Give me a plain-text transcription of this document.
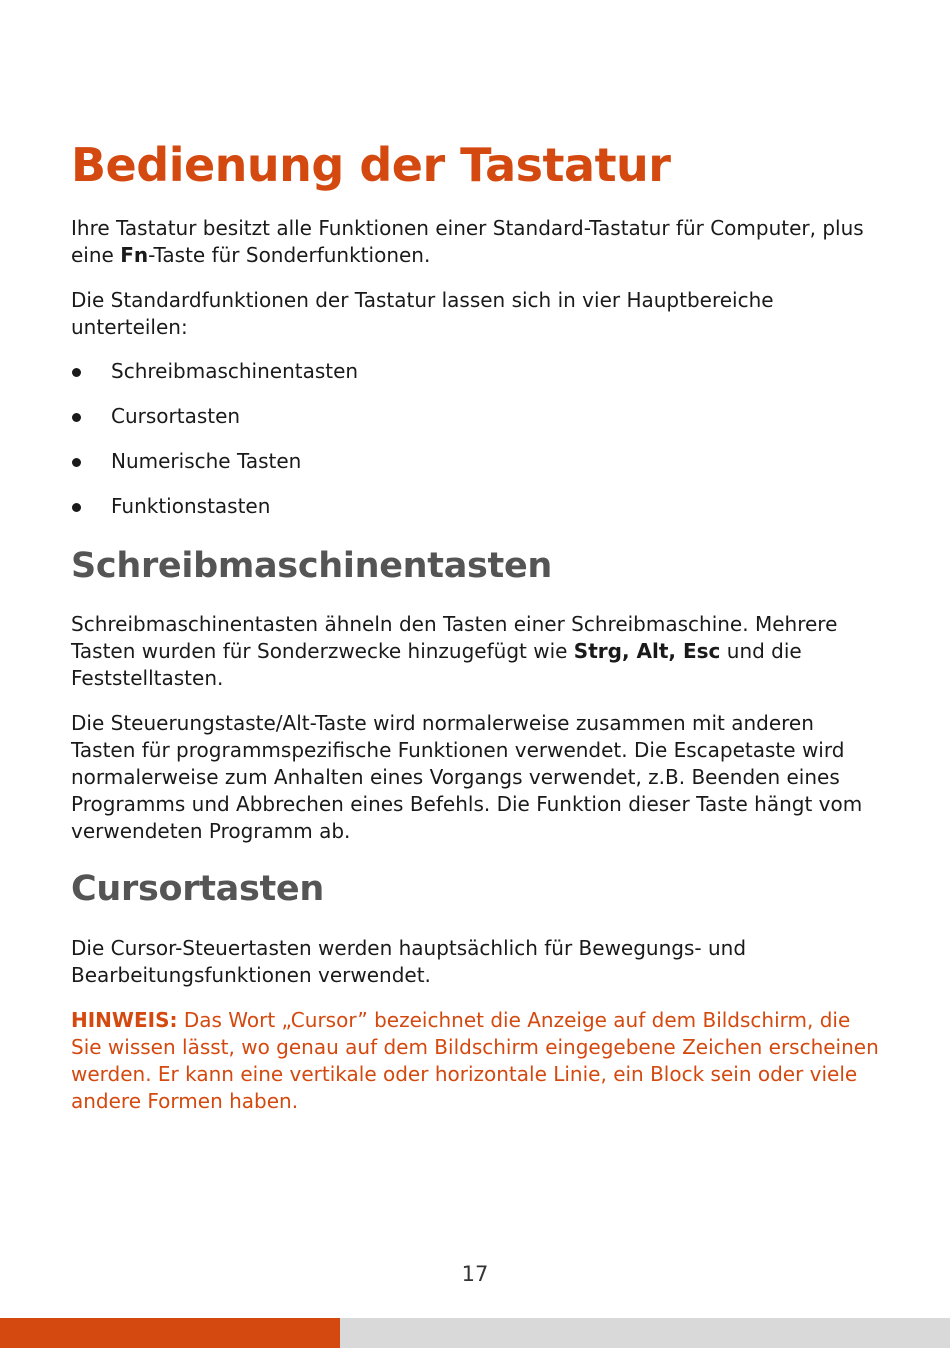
Bedienung der Tastatur

Ihre Tastatur besitzt alle Funktionen einer Standard-Tastatur für Computer, plus eine Fn-Taste für Sonderfunktionen.

Die Standardfunktionen der Tastatur lassen sich in vier Hauptbereiche unterteilen:

Schreibmaschinentasten
Cursortasten
Numerische Tasten
Funktionstasten
Schreibmaschinentasten

Schreibmaschinentasten ähneln den Tasten einer Schreibmaschine. Mehrere Tasten wurden für Sonderzwecke hinzugefügt wie Strg, Alt, Esc und die Feststelltasten.

Die Steuerungstaste/Alt-Taste wird normalerweise zusammen mit anderen Tasten für programmspezifische Funktionen verwendet. Die Escapetaste wird normalerweise zum Anhalten eines Vorgangs verwendet, z.B. Beenden eines Programms und Abbrechen eines Befehls. Die Funktion dieser Taste hängt vom verwendeten Programm ab.

Cursortasten

Die Cursor-Steuertasten werden hauptsächlich für Bewegungs- und Bearbeitungsfunktionen verwendet.

HINWEIS: Das Wort „Cursor” bezeichnet die Anzeige auf dem Bildschirm, die Sie wissen lässt, wo genau auf dem Bildschirm eingegebene Zeichen erscheinen werden. Er kann eine vertikale oder horizontale Linie, ein Block sein oder viele andere Formen haben.

17
